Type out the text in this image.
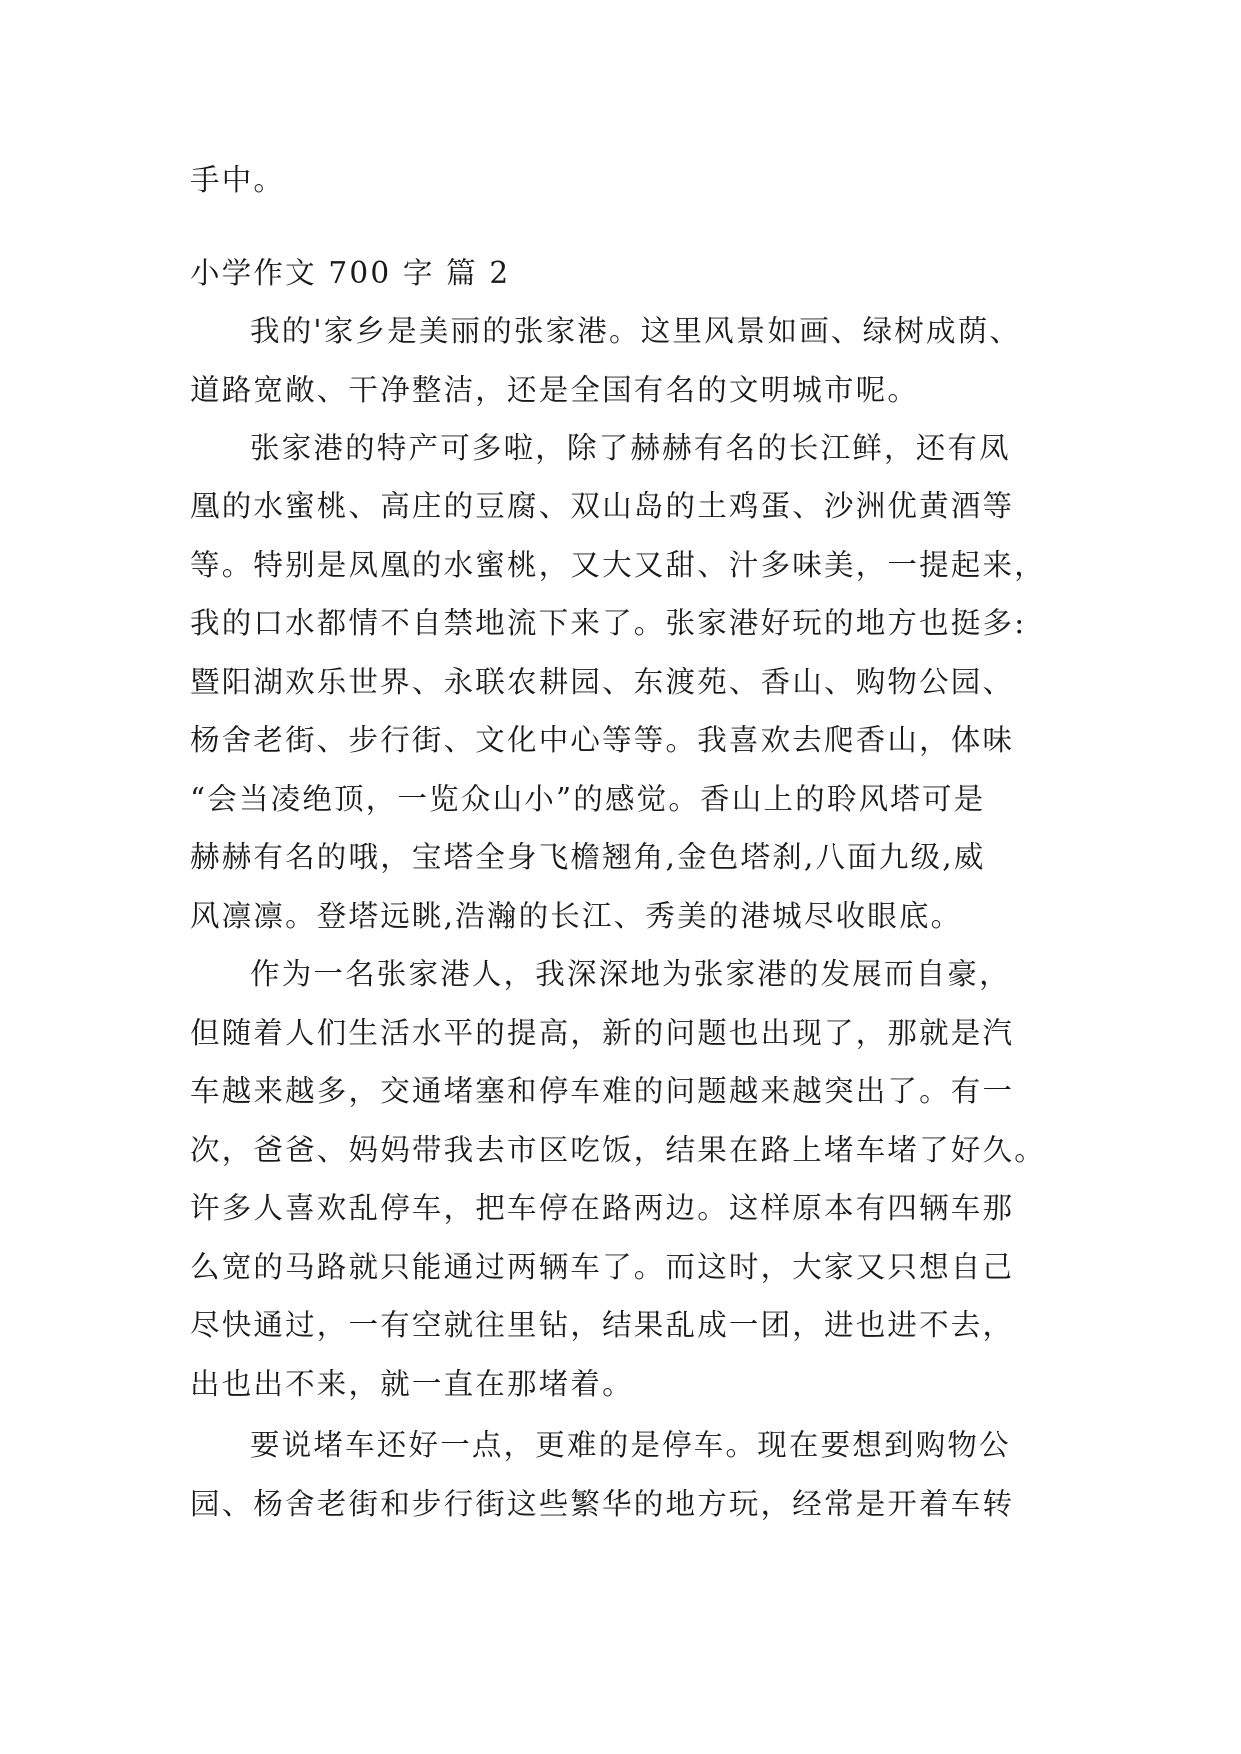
手中。
小学作文 700 字 篇 2
我的'家乡是美丽的张家港。这里风景如画、绿树成荫、
道路宽敞、干净整洁，还是全国有名的文明城市呢。
张家港的特产可多啦，除了赫赫有名的长江鲜，还有凤
凰的水蜜桃、高庄的豆腐、双山岛的土鸡蛋、沙洲优黄酒等
等。特别是凤凰的水蜜桃，又大又甜、汁多味美，一提起来，
我的口水都情不自禁地流下来了。张家港好玩的地方也挺多:
暨阳湖欢乐世界、永联农耕园、东渡苑、香山、购物公园、
杨舍老街、步行街、文化中心等等。我喜欢去爬香山，体味
“会当凌绝顶，一览众山小”的感觉。香山上的聆风塔可是
赫赫有名的哦，宝塔全身飞檐翘角,金色塔刹,八面九级,威
风凛凛。登塔远眺,浩瀚的长江、秀美的港城尽收眼底。
作为一名张家港人，我深深地为张家港的发展而自豪，
但随着人们生活水平的提高，新的问题也出现了，那就是汽
车越来越多，交通堵塞和停车难的问题越来越突出了。有一
次，爸爸、妈妈带我去市区吃饭，结果在路上堵车堵了好久。
许多人喜欢乱停车，把车停在路两边。这样原本有四辆车那
么宽的马路就只能通过两辆车了。而这时，大家又只想自己
尽快通过，一有空就往里钻，结果乱成一团，进也进不去，
出也出不来，就一直在那堵着。
要说堵车还好一点，更难的是停车。现在要想到购物公
园、杨舍老街和步行街这些繁华的地方玩，经常是开着车转
